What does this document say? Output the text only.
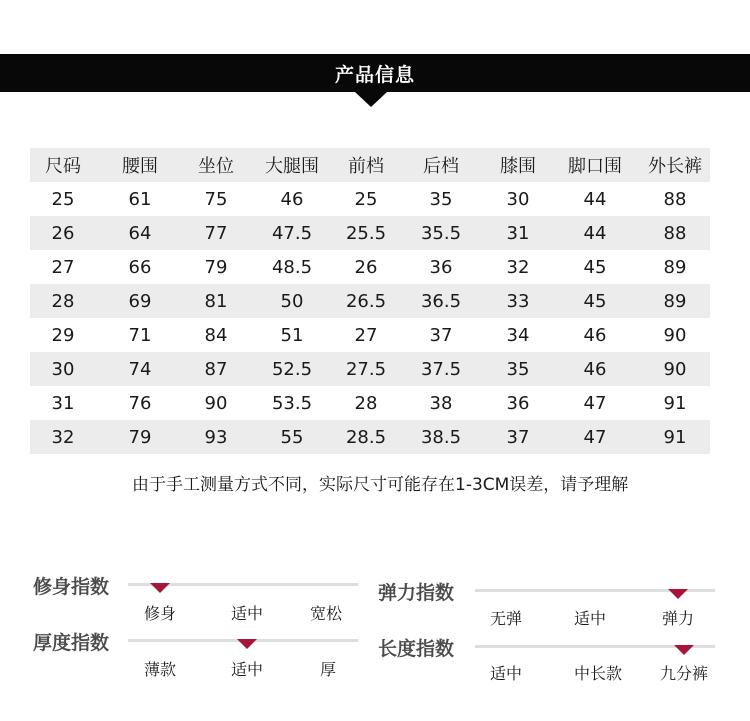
产品信息
尺码	腰围	坐位	大腿围	前档	后档	膝围	脚口围	外长裤
25	61	75	46	25	35	30	44	88
26	64	77	47.5	25.5	35.5	31	44	88
27	66	79	48.5	26	36	32	45	89
28	69	81	50	26.5	36.5	33	45	89
29	71	84	51	27	37	34	46	90
30	74	87	52.5	27.5	37.5	35	46	90
31	76	90	53.5	28	38	36	47	91
32	79	93	55	28.5	38.5	37	47	91
由于手工测量方式不同，实际尺寸可能存在1-3CM误差，请予理解
修身指数
修身	适中	宽松
弹力指数
无弹	适中	弹力
厚度指数
薄款	适中	厚
长度指数
适中	中长款 九分裤
